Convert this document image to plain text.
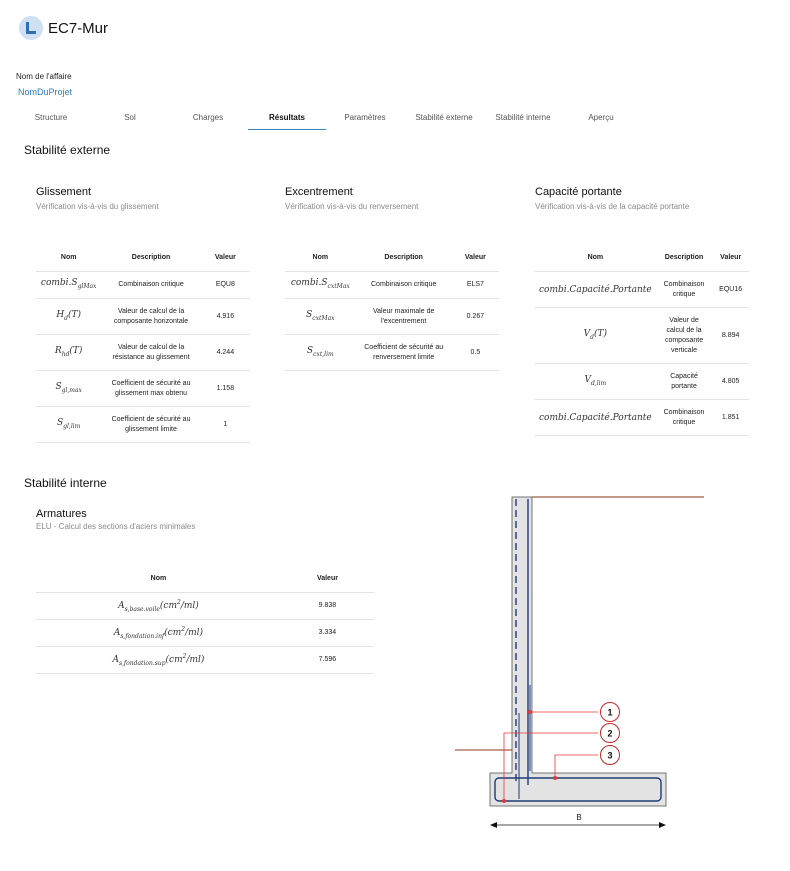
EC7-Mur
Nom de l'affaire
NomDuProjet
Structure	Sol	Charges	Résultats	Paramètres	Stabilité externe	Stabilité interne	Aperçu
Stabilité externe
Glissement
Vérification vis-à-vis du glissement
Nom	Description	Valeur
$combi.S_{glMax}$	Combinaison critique	EQU8
$H_d(T)$	Valeur de calcul de la composante horizontale	4.916
$R_{hd}(T)$	Valeur de calcul de la résistance au glissement	4.244
$S_{gl,max}$	Coefficient de sécurité au glissement max obtenu	1.158
$S_{gl,lim}$	Coefficient de sécurité au glissement limite	1
Excentrement
Vérification vis-à-vis du renversement
Nom	Description	Valeur
$combi.S_{cxtMax}$	Combinaison critique	ELS7
$S_{cxtMax}$	Valeur maximale de l'excentrement	0.267
$S_{cxt,lim}$	Coefficient de sécurité au renversement limite	0.5
Capacité portante
Vérification vis-à-vis de la capacité portante
Nom	Description	Valeur
combi.Capacité.Portante	Combinaison critique	EQU16
$V_d(T)$	Valeur de calcul de la composante verticale	8.894
$V_{d,lim}$	Capacité portante	4.805
combi.Capacité.Portante	Combinaison critique	1.851
Stabilité interne
Armatures
ELU - Calcul des sections d'aciers minimales
Nom	Valeur
$A_{s,base.voile}(cm^2/ml)$	9.838
$A_{s,fondation.inf}(cm^2/ml)$	3.334
$A_{s,fondation.sup}(cm^2/ml)$	7.596
1
2
3
B
